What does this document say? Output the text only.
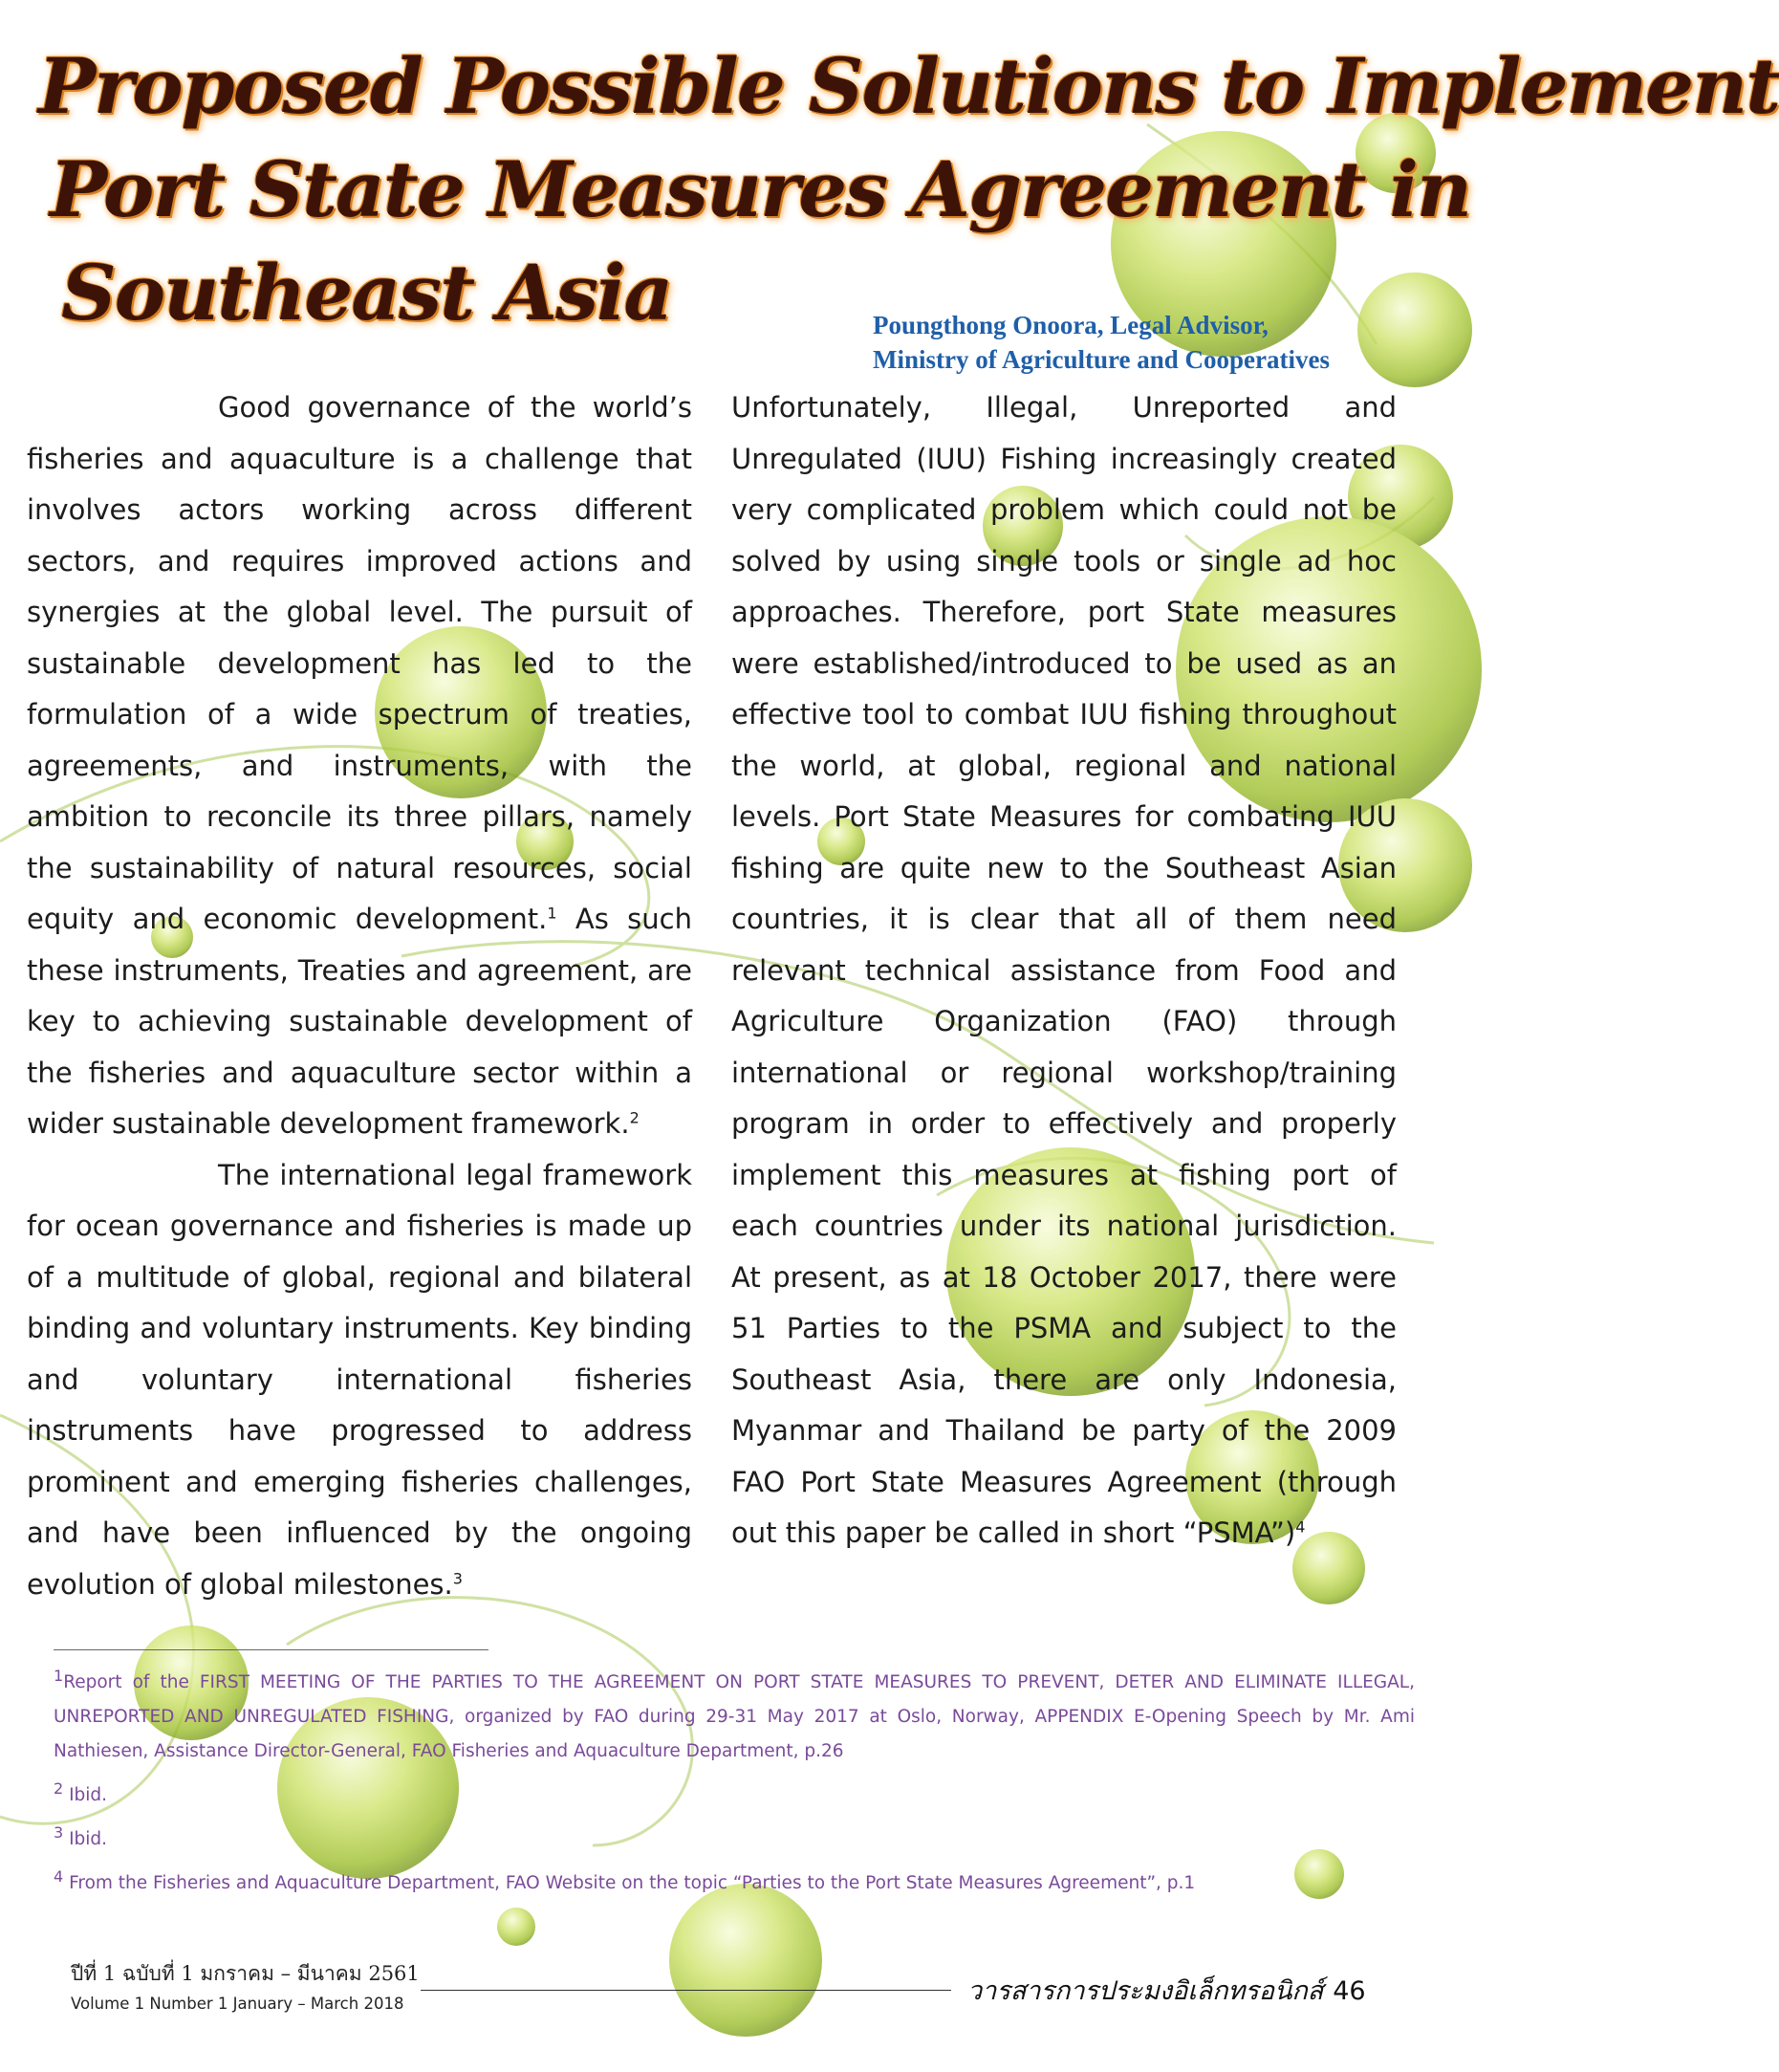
Proposed Possible Solutions to Implement
Port State Measures Agreement in
Southeast Asia	Poungthong Onoora, Legal Advisor,
Ministry of Agriculture and Cooperatives

Good governance of the world’s fisheries and aquaculture is a challenge that involves actors working across different sectors, and requires improved actions and synergies at the global level. The pursuit of sustainable development has led to the formulation of a wide spectrum of treaties, agreements, and instruments, with the ambition to reconcile its three pillars, namely the sustainability of natural resources, social equity and economic development.$^1$ As such these instruments, Treaties and agreement, are key to achieving sustainable development of the fisheries and aquaculture sector within a wider sustainable development framework.$^2$

The international legal framework for ocean governance and fisheries is made up of a multitude of global, regional and bilateral binding and voluntary instruments. Key binding and voluntary international fisheries instruments have progressed to address prominent and emerging fisheries challenges, and have been influenced by the ongoing evolution of global milestones.$^3$

Unfortunately, Illegal, Unreported and Unregulated (IUU) Fishing increasingly created very complicated problem which could not be solved by using single tools or single ad hoc approaches. Therefore, port State measures were established/introduced to be used as an effective tool to combat IUU fishing throughout the world, at global, regional and national levels. Port State Measures for combating IUU fishing are quite new to the Southeast Asian countries, it is clear that all of them need relevant technical assistance from Food and Agriculture Organization (FAO) through international or regional workshop/training program in order to effectively and properly implement this measures at fishing port of each countries under its national jurisdiction. At present, as at 18 October 2017, there were 51 Parties to the PSMA and subject to the Southeast Asia, there are only Indonesia, Myanmar and Thailand be party of the 2009 FAO Port State Measures Agreement (through out this paper be called in short “PSMA”)$^4$

$^1$Report of the FIRST MEETING OF THE PARTIES TO THE AGREEMENT ON PORT STATE MEASURES TO PREVENT, DETER AND ELIMINATE ILLEGAL, UNREPORTED AND UNREGULATED FISHING, organized by FAO during 29-31 May 2017 at Oslo, Norway, APPENDIX E-Opening Speech by Mr. Ami Nathiesen, Assistance Director-General, FAO Fisheries and Aquaculture Department, p.26

$^2$ Ibid.

$^3$ Ibid.

$^4$ From the Fisheries and Aquaculture Department, FAO Website on the topic “Parties to the Port State Measures Agreement”, p.1

ปีที่ 1 ฉบับที่ 1 มกราคม – มีนาคม 2561
Volume 1 Number 1 January – March 2018	วารสารการประมงอิเล็กทรอนิกส์ 46
